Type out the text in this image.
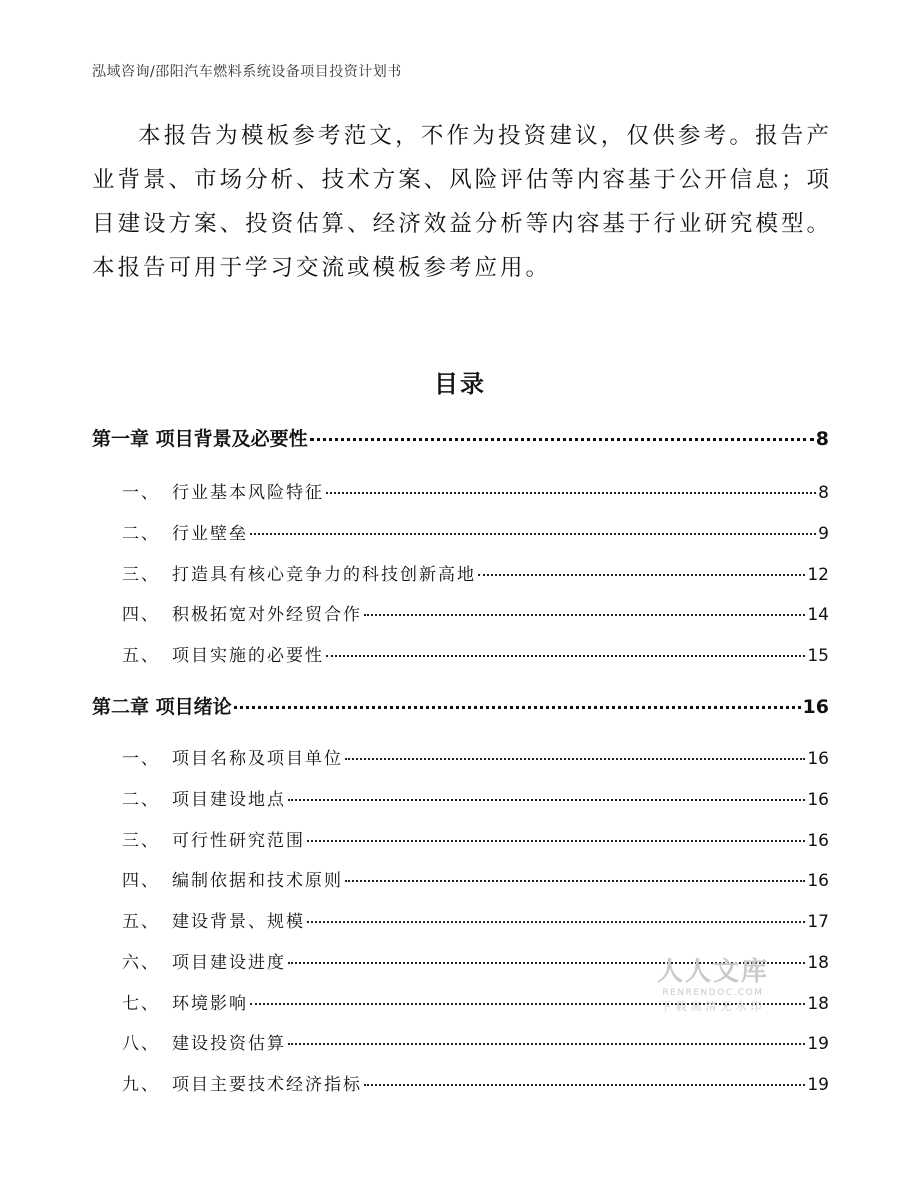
泓域咨询/邵阳汽车燃料系统设备项目投资计划书

本报告为模板参考范文，不作为投资建议，仅供参考。报告产业背景、市场分析、技术方案、风险评估等内容基于公开信息；项目建设方案、投资估算、经济效益分析等内容基于行业研究模型。本报告可用于学习交流或模板参考应用。

目录
第一章 项目背景及必要性	8
一、 行业基本风险特征	8
二、 行业壁垒	9
三、 打造具有核心竞争力的科技创新高地	12
四、 积极拓宽对外经贸合作	14
五、 项目实施的必要性	15
第二章 项目绪论	16
一、 项目名称及项目单位	16
二、 项目建设地点	16
三、 可行性研究范围	16
四、 编制依据和技术原则	16
五、 建设背景、规模	17
六、 项目建设进度	18
七、 环境影响	18
八、 建设投资估算	19
九、 项目主要技术经济指标	19
人人文库
RENRENDOC.COM
下载高清无水印
